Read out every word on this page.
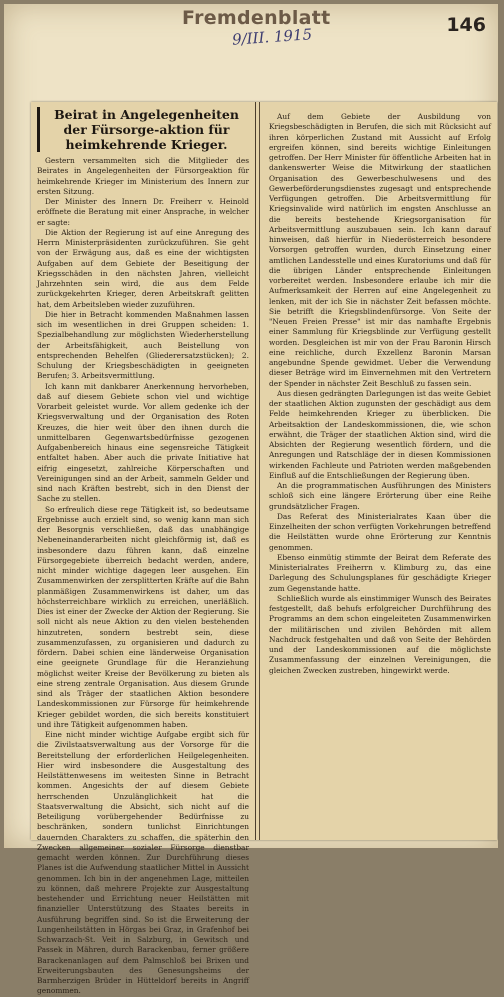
Fremdenblatt
9/III. 1915
146
Beirat in Angelegenheiten der Fürsorge-aktion für heimkehrende Krieger.

Gestern versammelten sich die Mitglieder des Beirates in Angelegenheiten der Fürsorgeaktion für heimkehrende Krieger im Ministerium des Innern zur ersten Sitzung.

Der Minister des Innern Dr. Freiherr v. Heinold eröffnete die Beratung mit einer Ansprache, in welcher er sagte:

Die Aktion der Regierung ist auf eine Anregung des Herrn Ministerpräsidenten zurückzuführen. Sie geht von der Erwägung aus, daß es eine der wichtigsten Aufgaben auf dem Gebiete der Beseitigung der Kriegsschäden in den nächsten Jahren, vielleicht Jahrzehnten sein wird, die aus dem Felde zurückgekehrten Krieger, deren Arbeitskraft gelitten hat, dem Arbeitsleben wieder zuzuführen.

Die hier in Betracht kommenden Maßnahmen lassen sich im wesentlichen in drei Gruppen scheiden: 1. Spezialbehandlung zur möglichsten Wiederherstellung der Arbeitsfähigkeit, auch Beistellung von entsprechenden Behelfen (Gliederersatzstücken); 2. Schulung der Kriegsbeschädigten in geeigneten Berufen; 3. Arbeitsvermittlung.

Ich kann mit dankbarer Anerkennung hervorheben, daß auf diesem Gebiete schon viel und wichtige Vorarbeit geleistet wurde. Vor allem gedenke ich der Kriegsverwaltung und der Organisation des Roten Kreuzes, die hier weit über den ihnen durch die unmittelbaren Gegenwartsbedürfnisse gezogenen Aufgabenbereich hinaus eine segensreiche Tätigkeit entfaltet haben. Aber auch die private Initiative hat eifrig eingesetzt, zahlreiche Körperschaften und Vereinigungen sind an der Arbeit, sammeln Gelder und sind nach Kräften bestrebt, sich in den Dienst der Sache zu stellen.

So erfreulich diese rege Tätigkeit ist, so bedeutsame Ergebnisse auch erzielt sind, so wenig kann man sich der Besorgnis verschließen, daß das unabhängige Nebeneinanderarbeiten nicht gleichförmig ist, daß es insbesondere dazu führen kann, daß einzelne Fürsorgegebiete überreich bedacht werden, andere, nicht minder wichtige dagegen leer ausgehen. Ein Zusammenwirken der zersplitterten Kräfte auf die Bahn planmäßigen Zusammenwirkens ist daher, um das höchsterreichbare wirklich zu erreichen, unerläßlich. Dies ist einer der Zwecke der Aktion der Regierung. Sie soll nicht als neue Aktion zu den vielen bestehenden hinzutreten, sondern bestrebt sein, diese zusammenzufassen, zu organisieren und dadurch zu fördern. Dabei schien eine länderweise Organisation eine geeignete Grundlage für die Heranziehung möglichst weiter Kreise der Bevölkerung zu bieten als eine streng zentrale Organisation. Aus diesem Grunde sind als Träger der staatlichen Aktion besondere Landeskommissionen zur Fürsorge für heimkehrende Krieger gebildet worden, die sich bereits konstituiert und ihre Tätigkeit aufgenommen haben.

Eine nicht minder wichtige Aufgabe ergibt sich für die Zivilstaatsverwaltung aus der Vorsorge für die Bereitstellung der erforderlichen Heilgelegenheiten. Hier wird insbesondere die Ausgestaltung des Heilstättenwesens im weitesten Sinne in Betracht kommen. Angesichts der auf diesem Gebiete herrschenden Unzulänglichkeit hat die Staatsverwaltung die Absicht, sich nicht auf die Beteiligung vorübergehender Bedürfnisse zu beschränken, sondern tunlichst Einrichtungen dauernden Charakters zu schaffen, die späterhin den Zwecken allgemeiner sozialer Fürsorge dienstbar gemacht werden können. Zur Durchführung dieses Planes ist die Aufwendung staatlicher Mittel in Aussicht genommen. Ich bin in der angenehmen Lage, mitteilen zu können, daß mehrere Projekte zur Ausgestaltung bestehender und Errichtung neuer Heilstätten mit finanzieller Unterstützung des Staates bereits in Ausführung begriffen sind. So ist die Erweiterung der Lungenheilstätten in Hörgas bei Graz, in Grafenhof bei Schwarzach-St. Veit in Salzburg, in Gewitsch und Passek in Mähren, durch Barackenbau, ferner größere Barackenanlagen auf dem Palmschloß bei Brixen und Erweiterungsbauten des Genesungsheims der Barmherzigen Brüder in Hütteldorf bereits in Angriff genommen.

Auf dem Gebiete der Ausbildung von Kriegsbeschädigten in Berufen, die sich mit Rücksicht auf ihren körperlichen Zustand mit Aussicht auf Erfolg ergreifen können, sind bereits wichtige Einleitungen getroffen. Der Herr Minister für öffentliche Arbeiten hat in dankenswerter Weise die Mitwirkung der staatlichen Organisation des Gewerbeschulwesens und des Gewerbeförderungsdienstes zugesagt und entsprechende Verfügungen getroffen. Die Arbeitsvermittlung für Kriegsinvalide wird natürlich im engsten Anschlusse an die bereits bestehende Kriegsorganisation für Arbeitsvermittlung auszubauen sein. Ich kann darauf hinweisen, daß hierfür in Niederösterreich besondere Vorsorgen getroffen wurden, durch Einsetzung einer amtlichen Landesstelle und eines Kuratoriums und daß für die übrigen Länder entsprechende Einleitungen vorbereitet werden. Insbesondere erlaube ich mir die Aufmerksamkeit der Herren auf eine Angelegenheit zu lenken, mit der ich Sie in nächster Zeit befassen möchte. Sie betrifft die Kriegsblindenfürsorge. Von Seite der "Neuen Freien Presse" ist mir das namhafte Ergebnis einer Sammlung für Kriegsblinde zur Verfügung gestellt worden. Desgleichen ist mir von der Frau Baronin Hirsch eine reichliche, durch Exzellenz Baronin Marsan angebundne Spende gewidmet. Ueber die Verwendung dieser Beträge wird im Einvernehmen mit den Vertretern der Spender in nächster Zeit Beschluß zu fassen sein.

Aus diesen gedrängten Darlegungen ist das weite Gebiet der staatlichen Aktion zugunsten der geschädigt aus dem Felde heimkehrenden Krieger zu überblicken. Die Arbeitsaktion der Landeskommissionen, die, wie schon erwähnt, die Träger der staatlichen Aktion sind, wird die Absichten der Regierung wesentlich fördern, und die Anregungen und Ratschläge der in diesen Kommissionen wirkenden Fachleute und Patrioten werden maßgebenden Einfluß auf die Entschließungen der Regierung üben.

An die programmatischen Ausführungen des Ministers schloß sich eine längere Erörterung über eine Reihe grundsätzlicher Fragen.

Das Referat des Ministerialrates Kaan über die Einzelheiten der schon verfügten Vorkehrungen betreffend die Heilstätten wurde ohne Erörterung zur Kenntnis genommen.

Ebenso einmütig stimmte der Beirat dem Referate des Ministerialrates Freiherrn v. Klimburg zu, das eine Darlegung des Schulungsplanes für geschädigte Krieger zum Gegenstande hatte.

Schließlich wurde als einstimmiger Wunsch des Beirates festgestellt, daß behufs erfolgreicher Durchführung des Programms an dem schon eingeleiteten Zusammenwirken der militärischen und zivilen Behörden mit allem Nachdruck festgehalten und daß von Seite der Behörden und der Landeskommissionen auf die möglichste Zusammenfassung der einzelnen Vereinigungen, die gleichen Zwecken zustreben, hingewirkt werde.
